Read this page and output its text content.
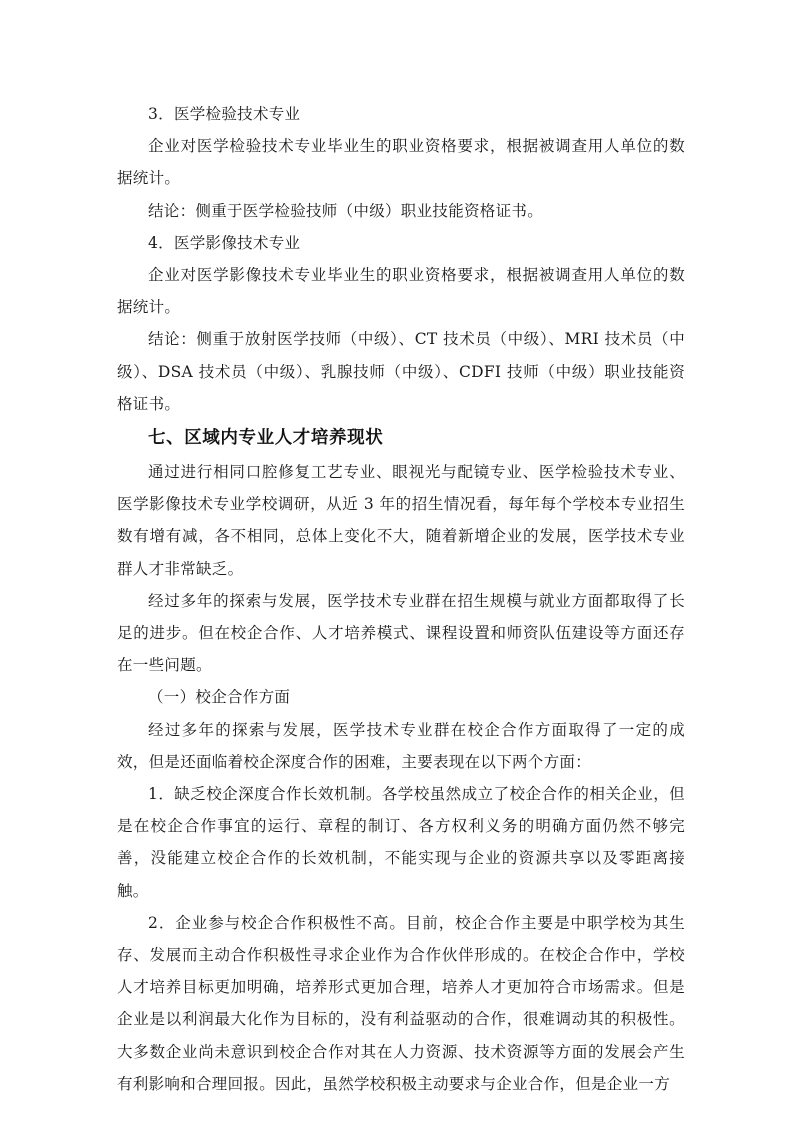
3．医学检验技术专业

企业对医学检验技术专业毕业生的职业资格要求，根据被调查用人单位的数据统计。

结论：侧重于医学检验技师（中级）职业技能资格证书。

4．医学影像技术专业

企业对医学影像技术专业毕业生的职业资格要求，根据被调查用人单位的数据统计。

结论：侧重于放射医学技师（中级）、CT 技术员（中级）、MRI 技术员（中级）、DSA 技术员（中级）、乳腺技师（中级）、CDFI 技师（中级）职业技能资格证书。

七、区域内专业人才培养现状

通过进行相同口腔修复工艺专业、眼视光与配镜专业、医学检验技术专业、医学影像技术专业学校调研，从近 3 年的招生情况看，每年每个学校本专业招生数有增有减，各不相同，总体上变化不大，随着新增企业的发展，医学技术专业群人才非常缺乏。

经过多年的探索与发展，医学技术专业群在招生规模与就业方面都取得了长足的进步。但在校企合作、人才培养模式、课程设置和师资队伍建设等方面还存在一些问题。

（一）校企合作方面

经过多年的探索与发展，医学技术专业群在校企合作方面取得了一定的成效，但是还面临着校企深度合作的困难，主要表现在以下两个方面：

1．缺乏校企深度合作长效机制。各学校虽然成立了校企合作的相关企业，但是在校企合作事宜的运行、章程的制订、各方权利义务的明确方面仍然不够完善，没能建立校企合作的长效机制，不能实现与企业的资源共享以及零距离接触。

2．企业参与校企合作积极性不高。目前，校企合作主要是中职学校为其生存、发展而主动合作积极性寻求企业作为合作伙伴形成的。在校企合作中，学校人才培养目标更加明确，培养形式更加合理，培养人才更加符合市场需求。但是企业是以利润最大化作为目标的，没有利益驱动的合作，很难调动其的积极性。大多数企业尚未意识到校企合作对其在人力资源、技术资源等方面的发展会产生有利影响和合理回报。因此，虽然学校积极主动要求与企业合作，但是企业一方
